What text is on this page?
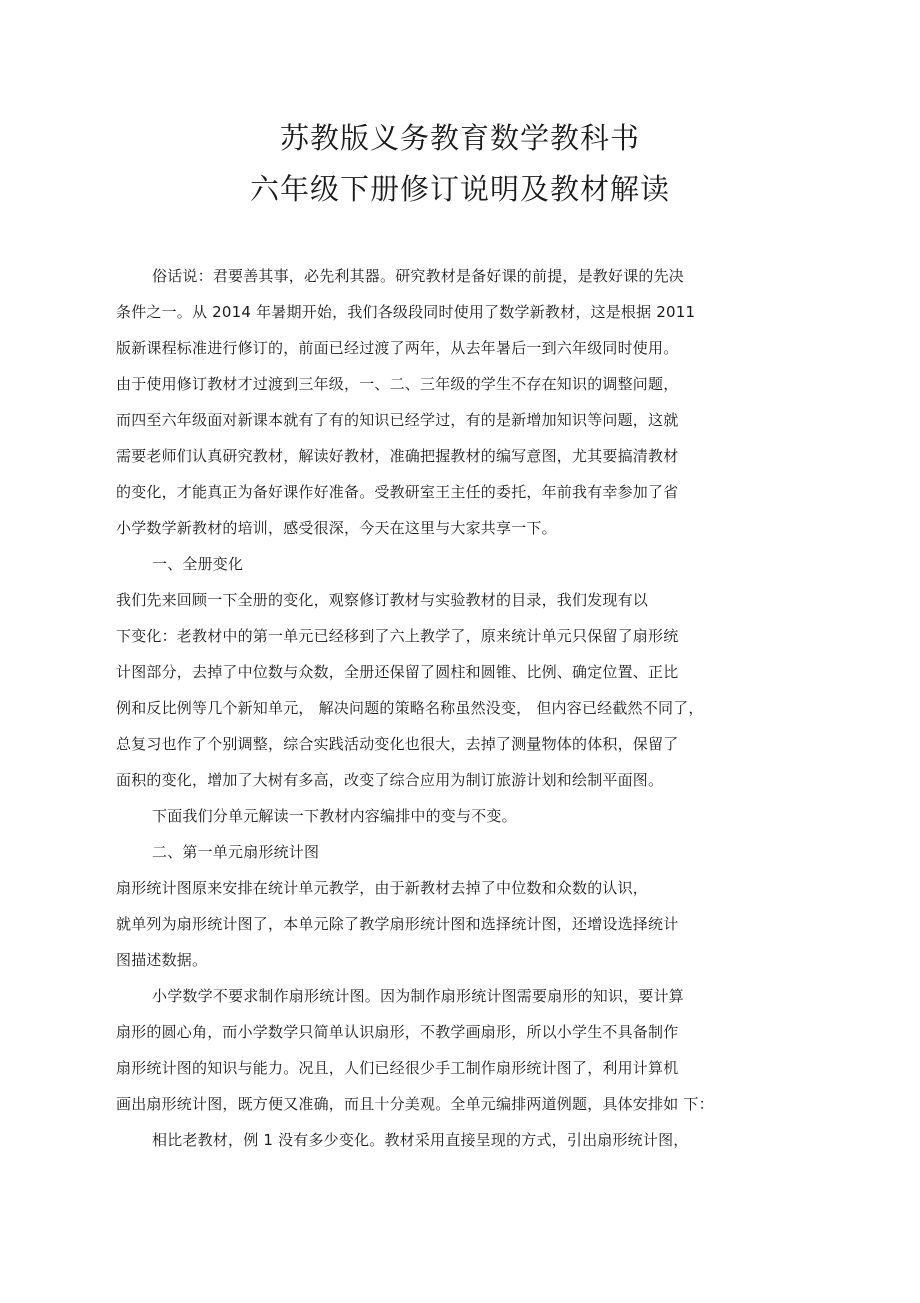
苏教版义务教育数学教科书
六年级下册修订说明及教材解读
俗话说：君要善其事，必先利其器。研究教材是备好课的前提，是教好课的先决
条件之一。从 2014 年暑期开始，我们各级段同时使用了数学新教材，这是根据 2011
版新课程标准进行修订的，前面已经过渡了两年，从去年暑后一到六年级同时使用。
由于使用修订教材才过渡到三年级，一、二、三年级的学生不存在知识的调整问题，
而四至六年级面对新课本就有了有的知识已经学过，有的是新增加知识等问题，这就
需要老师们认真研究教材，解读好教材，准确把握教材的编写意图，尤其要搞清教材
的变化，才能真正为备好课作好准备。受教研室王主任的委托，年前我有幸参加了省
小学数学新教材的培训，感受很深，今天在这里与大家共享一下。
一、全册变化
我们先来回顾一下全册的变化，观察修订教材与实验教材的目录，我们发现有以
下变化：老教材中的第一单元已经移到了六上教学了，原来统计单元只保留了扇形统
计图部分，去掉了中位数与众数，全册还保留了圆柱和圆锥、比例、确定位置、正比
例和反比例等几个新知单元， 解决问题的策略名称虽然没变， 但内容已经截然不同了，
总复习也作了个别调整，综合实践活动变化也很大，去掉了测量物体的体积，保留了
面积的变化，增加了大树有多高，改变了综合应用为制订旅游计划和绘制平面图。
下面我们分单元解读一下教材内容编排中的变与不变。
二、第一单元扇形统计图
扇形统计图原来安排在统计单元教学，由于新教材去掉了中位数和众数的认识，
就单列为扇形统计图了，本单元除了教学扇形统计图和选择统计图，还增设选择统计
图描述数据。
小学数学不要求制作扇形统计图。因为制作扇形统计图需要扇形的知识，要计算
扇形的圆心角，而小学数学只简单认识扇形，不教学画扇形，所以小学生不具备制作
扇形统计图的知识与能力。况且，人们已经很少手工制作扇形统计图了，利用计算机
画出扇形统计图，既方便又准确，而且十分美观。全单元编排两道例题，具体安排如 下：
相比老教材，例 1 没有多少变化。教材采用直接呈现的方式，引出扇形统计图，
